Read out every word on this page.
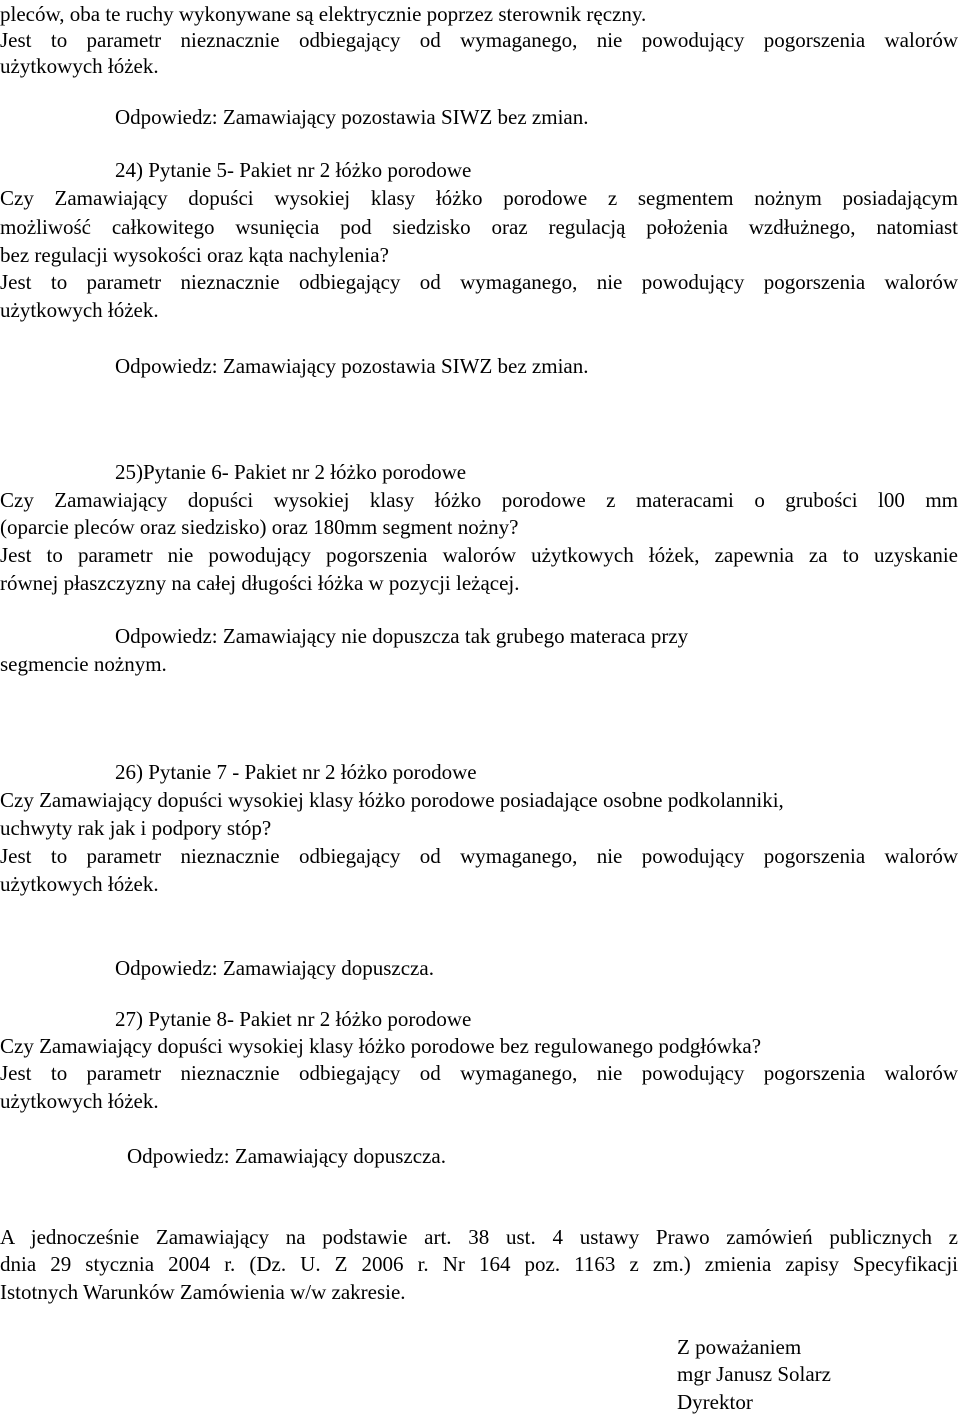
pleców, oba te ruchy wykonywane są elektrycznie poprzez sterownik ręczny.
Jest to parametr nieznacznie odbiegający od wymaganego, nie powodujący pogorszenia walorów
użytkowych łóżek.
Odpowiedz: Zamawiający pozostawia SIWZ bez zmian.
24) Pytanie 5- Pakiet nr 2 łóżko porodowe
Czy Zamawiający dopuści wysokiej klasy łóżko porodowe z segmentem nożnym posiadającym
możliwość całkowitego wsunięcia pod siedzisko oraz regulacją położenia wzdłużnego, natomiast
bez regulacji wysokości oraz kąta nachylenia?
Jest to parametr nieznacznie odbiegający od wymaganego, nie powodujący pogorszenia walorów
użytkowych łóżek.
Odpowiedz: Zamawiający pozostawia SIWZ bez zmian.
25)Pytanie 6- Pakiet nr 2 łóżko porodowe
Czy Zamawiający dopuści wysokiej klasy łóżko porodowe z materacami o grubości l00 mm
(oparcie pleców oraz siedzisko) oraz 180mm segment nożny?
Jest to parametr nie powodujący pogorszenia walorów użytkowych łóżek, zapewnia za to uzyskanie
równej płaszczyzny na całej długości łóżka w pozycji leżącej.
Odpowiedz: Zamawiający nie dopuszcza tak grubego materaca przy
segmencie nożnym.
26) Pytanie 7 - Pakiet nr 2 łóżko porodowe
Czy Zamawiający dopuści wysokiej klasy łóżko porodowe posiadające osobne podkolanniki,
uchwyty rak jak i podpory stóp?
Jest to parametr nieznacznie odbiegający od wymaganego, nie powodujący pogorszenia walorów
użytkowych łóżek.
Odpowiedz: Zamawiający dopuszcza.
27) Pytanie 8- Pakiet nr 2 łóżko porodowe
Czy Zamawiający dopuści wysokiej klasy łóżko porodowe bez regulowanego podgłówka?
Jest to parametr nieznacznie odbiegający od wymaganego, nie powodujący pogorszenia walorów
użytkowych łóżek.
Odpowiedz: Zamawiający dopuszcza.
A jednocześnie Zamawiający na podstawie art. 38 ust. 4 ustawy Prawo zamówień publicznych z
dnia 29 stycznia 2004 r. (Dz. U. Z 2006 r. Nr 164 poz. 1163 z zm.) zmienia zapisy Specyfikacji
Istotnych Warunków Zamówienia w/w zakresie.
Z poważaniem
mgr Janusz Solarz
Dyrektor
